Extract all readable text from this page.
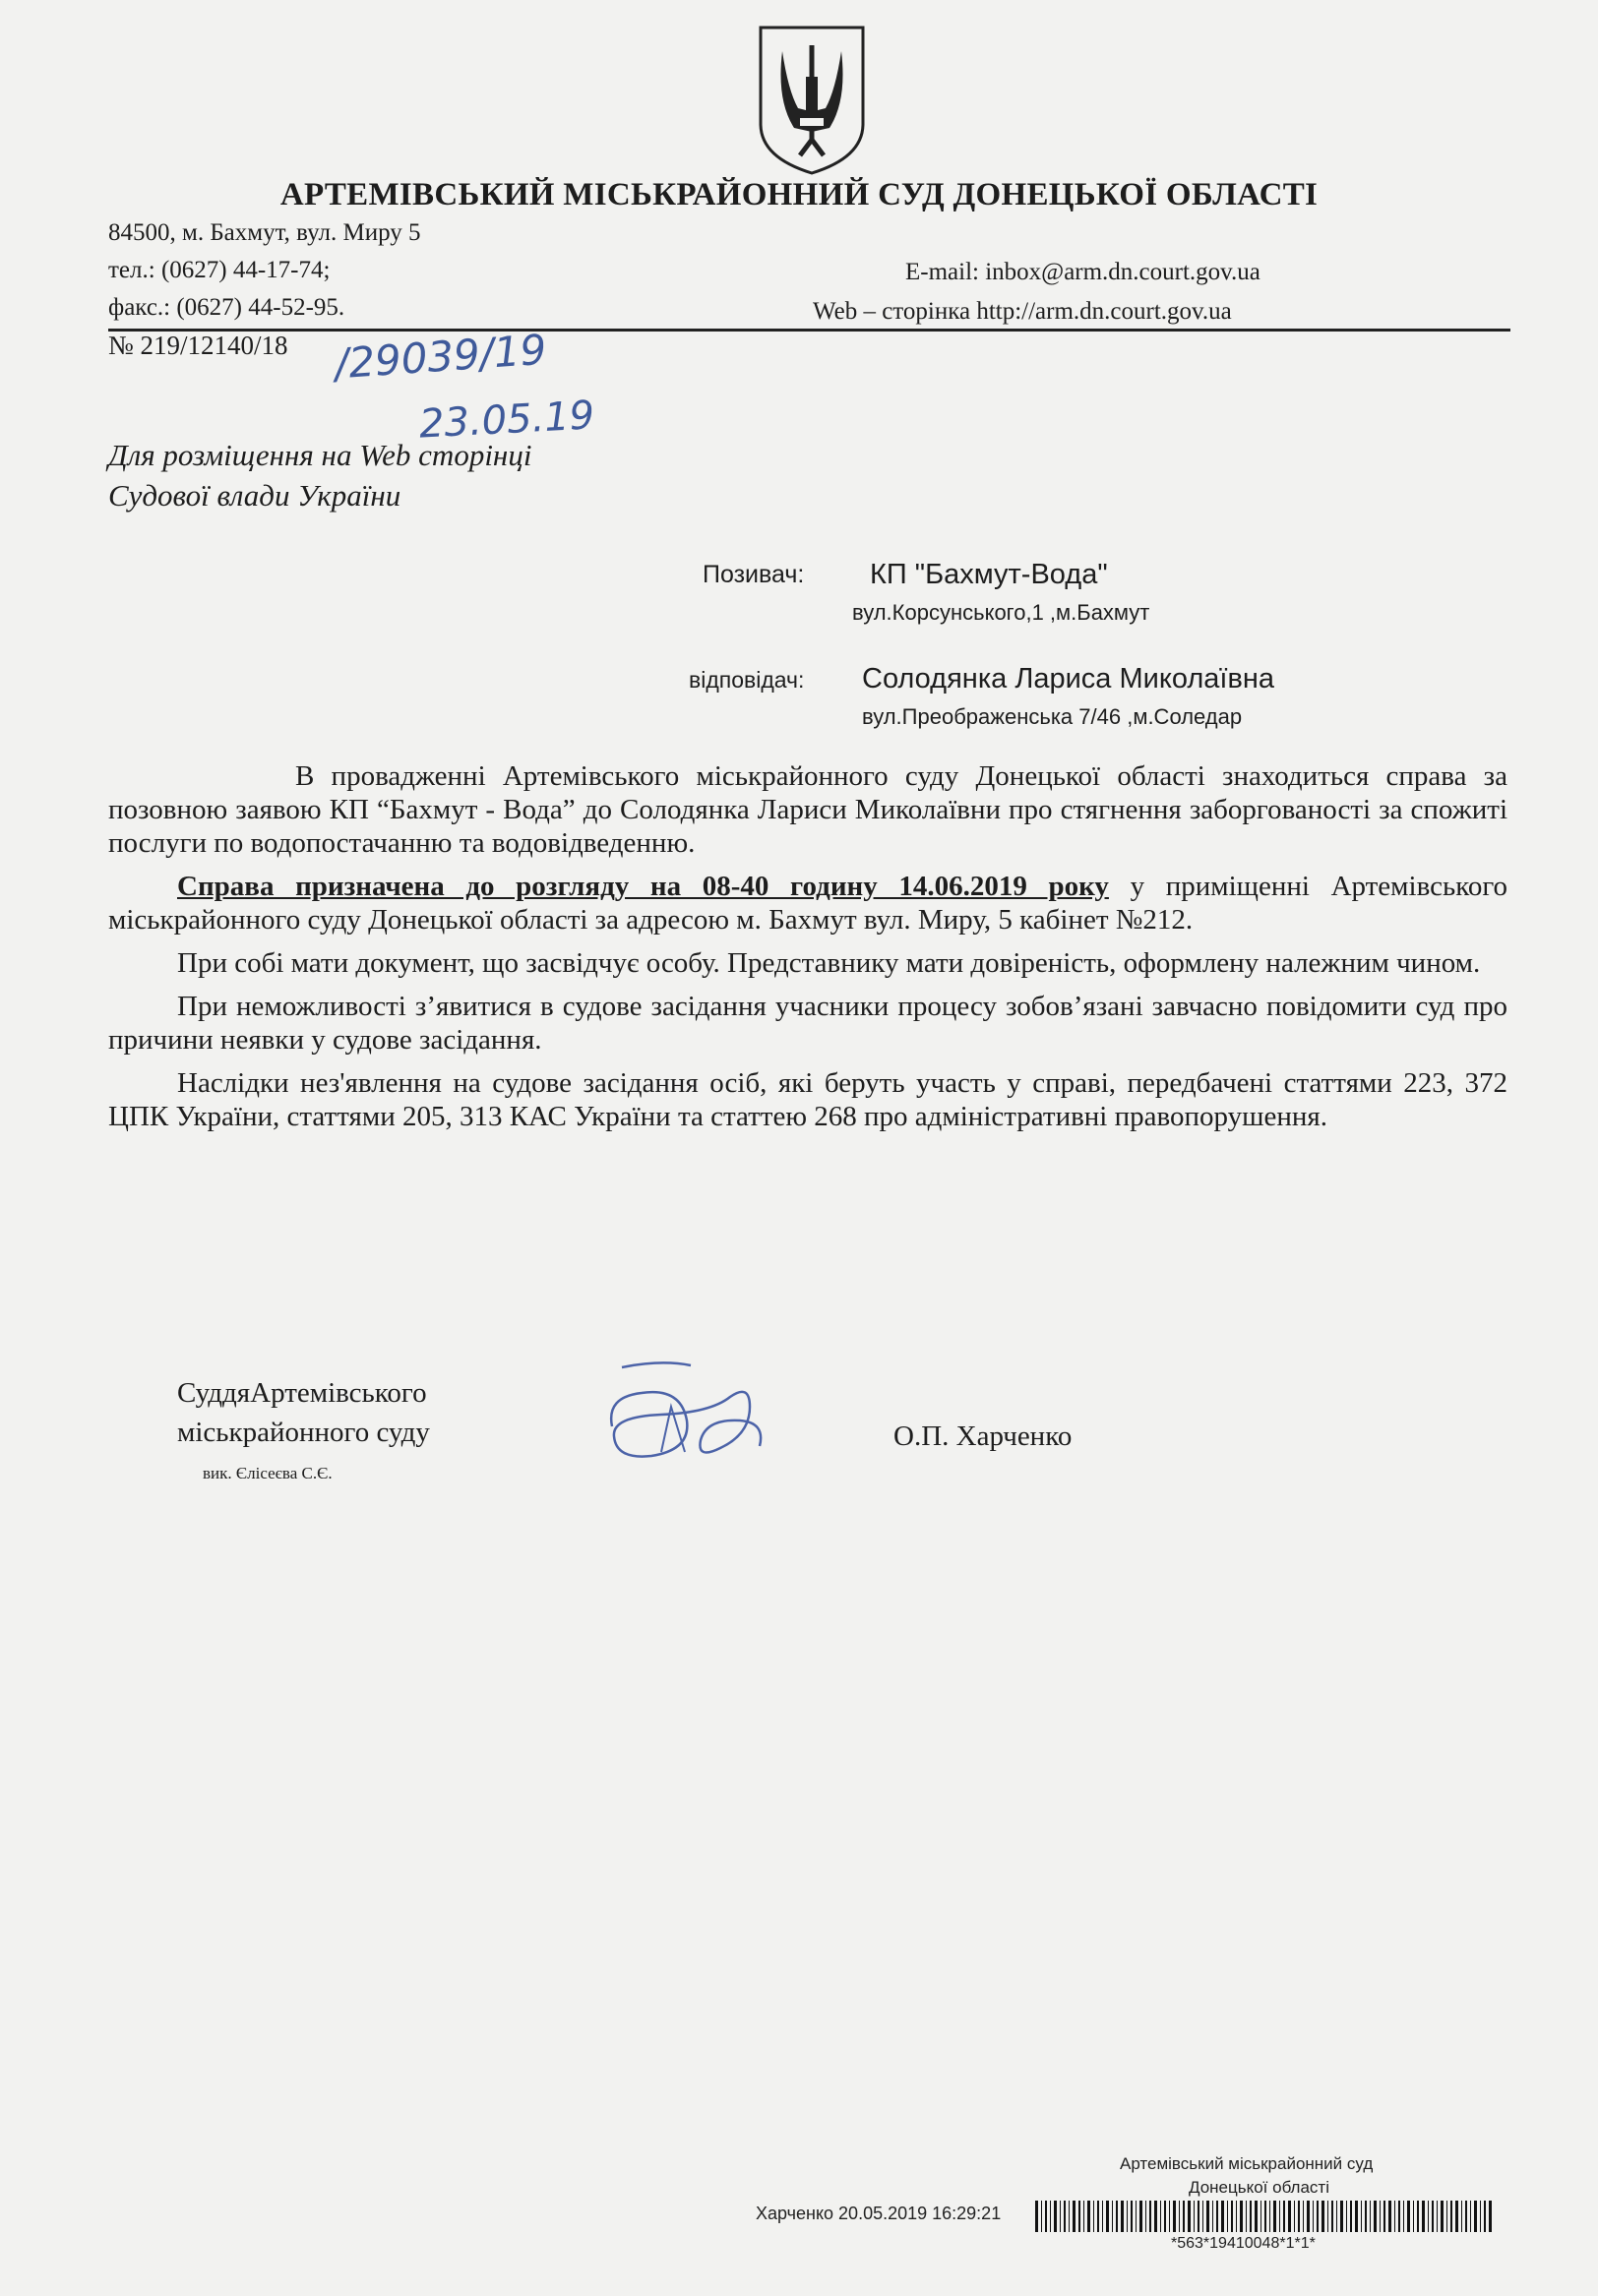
АРТЕМІВСЬКИЙ МІСЬКРАЙОННИЙ СУД ДОНЕЦЬКОЇ ОБЛАСТІ
84500, м. Бахмут, вул. Миру 5
тел.: (0627) 44-17-74;
факс.: (0627) 44-52-95.
E-mail: inbox@arm.dn.court.gov.ua
Web – сторінка http://arm.dn.court.gov.ua
№ 219/12140/18 /29039/19
23.05.19
Для розміщення на Web сторінці
Судової влади України
Позивач: КП "Бахмут-Вода"
вул.Корсунського,1 ,м.Бахмут
відповідач: Солодянка Лариса Миколаївна
вул.Преображенська 7/46 ,м.Соледар

В провадженні Артемівського міськрайонного суду Донецької області знаходиться справа за позовною заявою КП “Бахмут - Вода” до Солодянка Лариси Миколаївни про стягнення заборгованості за спожиті послуги по водопостачанню та водовідведенню.

Справа призначена до розгляду на 08-40 годину 14.06.2019 року у приміщенні Артемівського міськрайонного суду Донецької області за адресою м. Бахмут вул. Миру, 5 кабінет №212.

При собі мати документ, що засвідчує особу. Представнику мати довіреність, оформлену належним чином.

При неможливості з’явитися в судове засідання учасники процесу зобов’язані завчасно повідомити суд про причини неявки у судове засідання.

Наслідки нез'явлення на судове засідання осіб, які беруть участь у справі, передбачені статтями 223, 372 ЦПК України, статтями 205, 313 КАС України та статтею 268 про адміністративні правопорушення.

СуддяАртемівського
міськрайонного суду
вик. Єлісеєва С.Є.
О.П. Харченко
Артемівський міськрайонний суд
Донецької області
Харченко 20.05.2019 16:29:21
*563*19410048*1*1*
